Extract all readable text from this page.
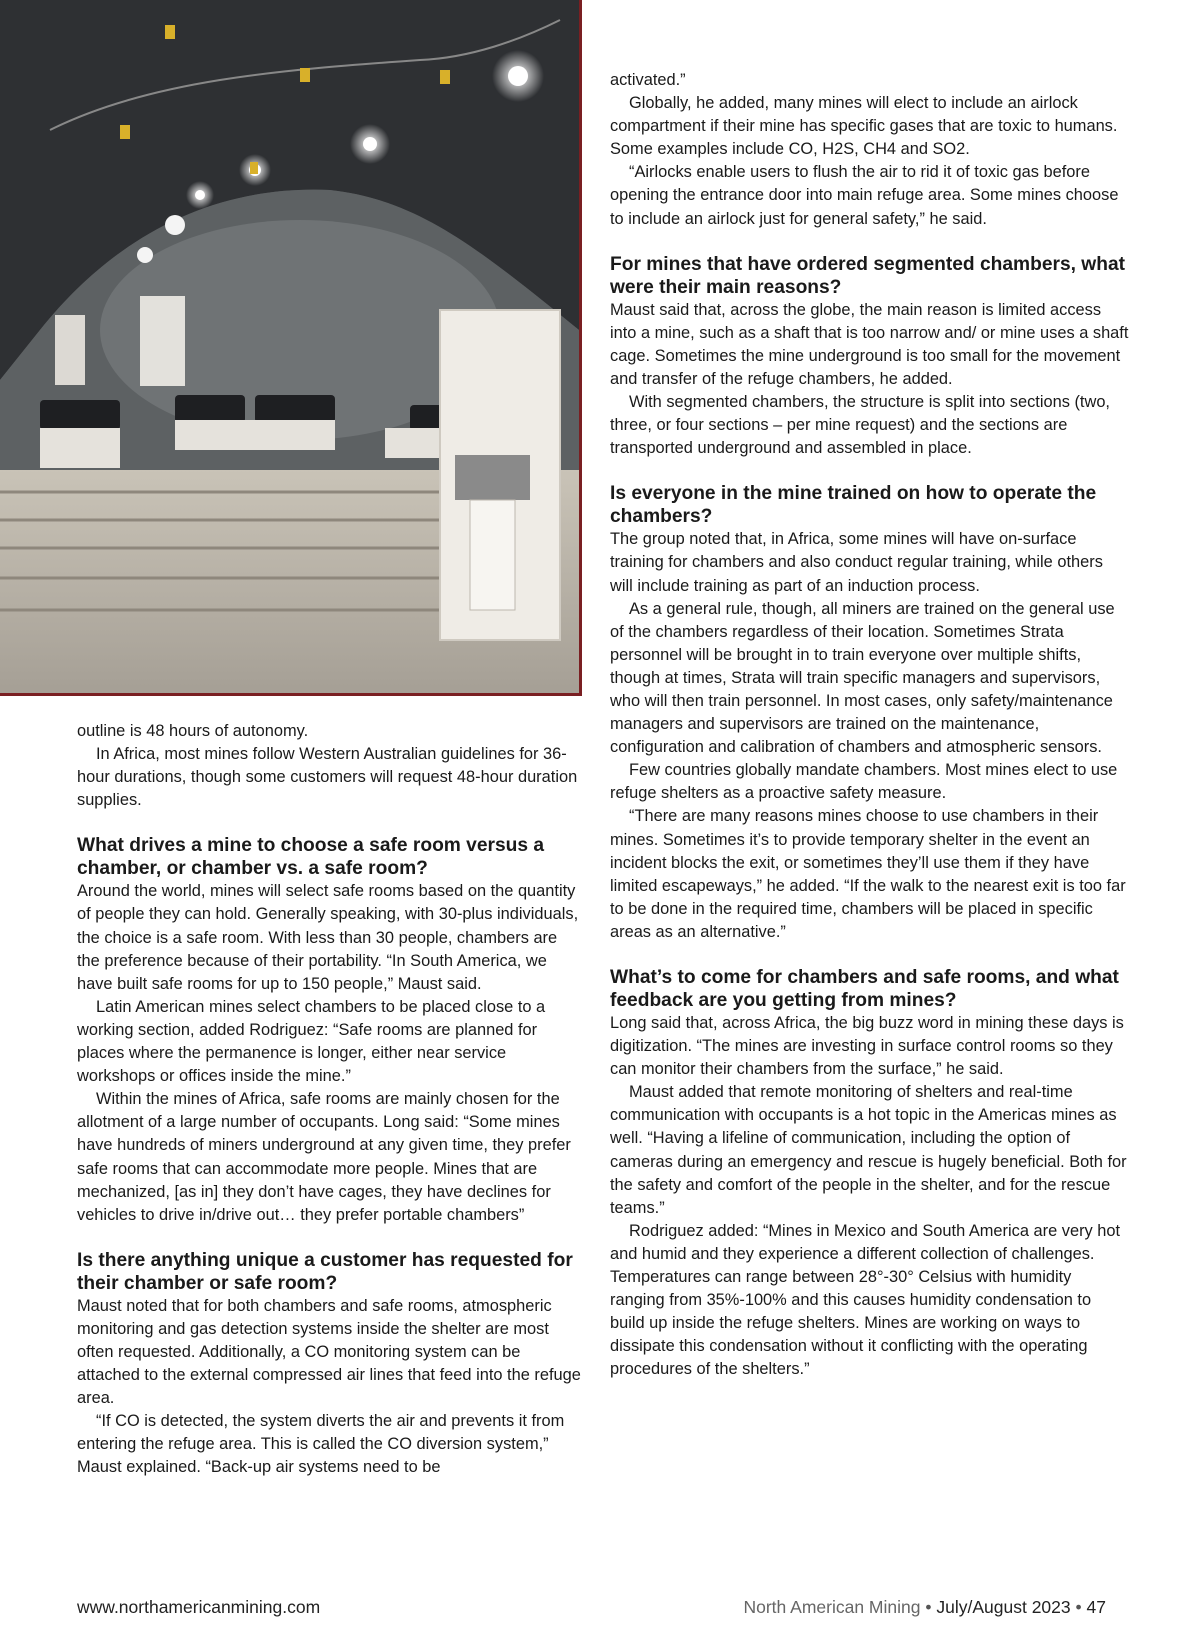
outline is 48 hours of autonomy.

In Africa, most mines follow Western Australian guidelines for 36-hour durations, though some customers will request 48-hour duration supplies.

What drives a mine to choose a safe room versus a chamber, or chamber vs. a safe room?

Around the world, mines will select safe rooms based on the quantity of people they can hold. Generally speaking, with 30-plus individuals, the choice is a safe room. With less than 30 people, chambers are the preference because of their portability. “In South America, we have built safe rooms for up to 150 people,” Maust said.

Latin American mines select chambers to be placed close to a working section, added Rodriguez: “Safe rooms are planned for places where the permanence is longer, either near service workshops or offices inside the mine.”

Within the mines of Africa, safe rooms are mainly chosen for the allotment of a large number of occupants. Long said: “Some mines have hundreds of miners underground at any given time, they prefer safe rooms that can accommodate more people. Mines that are mechanized, [as in] they don’t have cages, they have declines for vehicles to drive in/drive out… they prefer portable chambers”

Is there anything unique a customer has requested for their chamber or safe room?

Maust noted that for both chambers and safe rooms, atmospheric monitoring and gas detection systems inside the shelter are most often requested. Additionally, a CO monitoring system can be attached to the external compressed air lines that feed into the refuge area.

“If CO is detected, the system diverts the air and prevents it from entering the refuge area. This is called the CO diversion system,” Maust explained. “Back-up air systems need to be

activated.”

Globally, he added, many mines will elect to include an airlock compartment if their mine has specific gases that are toxic to humans. Some examples include CO, H2S, CH4 and SO2.

“Airlocks enable users to flush the air to rid it of toxic gas before opening the entrance door into main refuge area. Some mines choose to include an airlock just for general safety,” he said.

For mines that have ordered segmented chambers, what were their main reasons?

Maust said that, across the globe, the main reason is limited access into a mine, such as a shaft that is too narrow and/ or mine uses a shaft cage. Sometimes the mine underground is too small for the movement and transfer of the refuge chambers, he added.

With segmented chambers, the structure is split into sections (two, three, or four sections – per mine request) and the sections are transported underground and assembled in place.

Is everyone in the mine trained on how to operate the chambers?

The group noted that, in Africa, some mines will have on-surface training for chambers and also conduct regular training, while others will include training as part of an induction process.

As a general rule, though, all miners are trained on the general use of the chambers regardless of their location. Sometimes Strata personnel will be brought in to train everyone over multiple shifts, though at times, Strata will train specific managers and supervisors, who will then train personnel. In most cases, only safety/maintenance managers and supervisors are trained on the maintenance, configuration and calibration of chambers and atmospheric sensors.

Few countries globally mandate chambers. Most mines elect to use refuge shelters as a proactive safety measure.

“There are many reasons mines choose to use chambers in their mines. Sometimes it’s to provide temporary shelter in the event an incident blocks the exit, or sometimes they’ll use them if they have limited escapeways,” he added. “If the walk to the nearest exit is too far to be done in the required time, chambers will be placed in specific areas as an alternative.”

What’s to come for chambers and safe rooms, and what feedback are you getting from mines?

Long said that, across Africa, the big buzz word in mining these days is digitization. “The mines are investing in surface control rooms so they can monitor their chambers from the surface,” he said.

Maust added that remote monitoring of shelters and real-time communication with occupants is a hot topic in the Americas mines as well. “Having a lifeline of communication, including the option of cameras during an emergency and rescue is hugely beneficial. Both for the safety and comfort of the people in the shelter, and for the rescue teams.”

Rodriguez added: “Mines in Mexico and South America are very hot and humid and they experience a different collection of challenges. Temperatures can range between 28°-30° Celsius with humidity ranging from 35%-100% and this causes humidity condensation to build up inside the refuge shelters. Mines are working on ways to dissipate this condensation without it conflicting with the operating procedures of the shelters.”

www.northamericanmining.com	North American Mining • July/August 2023 • 47
